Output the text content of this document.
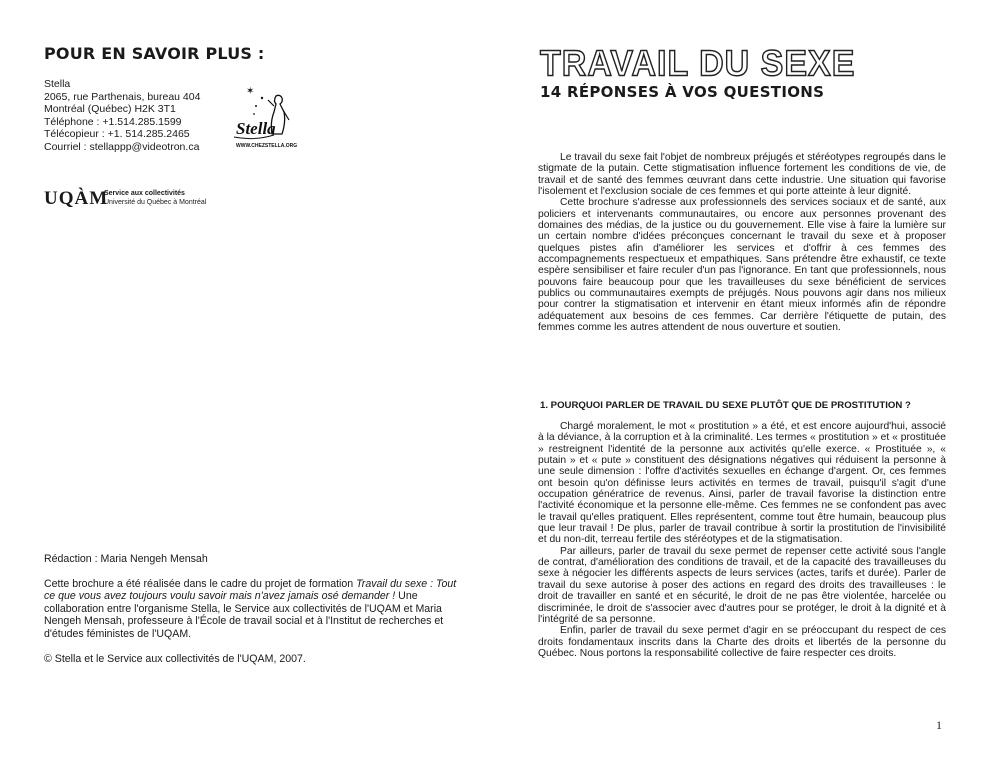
POUR EN SAVOIR PLUS :
Stella
2065, rue Parthenais, bureau 404
Montréal (Québec) H2K 3T1
Téléphone : +1.514.285.1599
Télécopieur : +1. 514.285.2465
Courriel : stellappp@videotron.ca
✶
Stella
WWW.CHEZSTELLA.ORG
UQÀM
Service aux collectivités
Université du Québec à Montréal

Rédaction : Maria Nengeh Mensah

Cette brochure a été réalisée dans le cadre du projet de formation Travail du sexe : Tout ce que vous avez toujours voulu savoir mais n'avez jamais osé demander ! Une collaboration entre l'organisme Stella, le Service aux collectivités de l'UQAM et Maria Nengeh Mensah, professeure à l'École de travail social et à l'Institut de recherches et d'études féministes de l'UQAM.

© Stella et le Service aux collectivités de l'UQAM, 2007.

TRAVAIL DU SEXE
14 RÉPONSES À VOS QUESTIONS

Le travail du sexe fait l'objet de nombreux préjugés et stéréotypes regroupés dans le stigmate de la putain. Cette stigmatisation influence fortement les conditions de vie, de travail et de santé des femmes œuvrant dans cette industrie. Une situation qui favorise l'isolement et l'exclusion sociale de ces femmes et qui porte atteinte à leur dignité.

Cette brochure s'adresse aux professionnels des services sociaux et de santé, aux policiers et intervenants communautaires, ou encore aux personnes provenant des domaines des médias, de la justice ou du gouvernement. Elle vise à faire la lumière sur un certain nombre d'idées préconçues concernant le travail du sexe et à proposer quelques pistes afin d'améliorer les services et d'offrir à ces femmes des accompagnements respectueux et empathiques. Sans prétendre être exhaustif, ce texte espère sensibiliser et faire reculer d'un pas l'ignorance. En tant que professionnels, nous pouvons faire beaucoup pour que les travailleuses du sexe bénéficient de services publics ou communautaires exempts de préjugés. Nous pouvons agir dans nos milieux pour contrer la stigmatisation et intervenir en étant mieux informés afin de répondre adéquatement aux besoins de ces femmes. Car derrière l'étiquette de putain, des femmes comme les autres attendent de nous ouverture et soutien.

1. POURQUOI PARLER DE TRAVAIL DU SEXE PLUTÔT QUE DE PROSTITUTION ?

Chargé moralement, le mot « prostitution » a été, et est encore aujourd'hui, associé à la déviance, à la corruption et à la criminalité. Les termes « prostitution » et « prostituée » restreignent l'identité de la personne aux activités qu'elle exerce. « Prostituée », « putain » et « pute » constituent des désignations négatives qui réduisent la personne à une seule dimension : l'offre d'activités sexuelles en échange d'argent. Or, ces femmes ont besoin qu'on définisse leurs activités en termes de travail, puisqu'il s'agit d'une occupation génératrice de revenus. Ainsi, parler de travail favorise la distinction entre l'activité économique et la personne elle-même. Ces femmes ne se confondent pas avec le travail qu'elles pratiquent. Elles représentent, comme tout être humain, beaucoup plus que leur travail ! De plus, parler de travail contribue à sortir la prostitution de l'invisibilité et du non-dit, terreau fertile des stéréotypes et de la stigmatisation.

Par ailleurs, parler de travail du sexe permet de repenser cette activité sous l'angle de contrat, d'amélioration des conditions de travail, et de la capacité des travailleuses du sexe à négocier les différents aspects de leurs services (actes, tarifs et durée). Parler de travail du sexe autorise à poser des actions en regard des droits des travailleuses : le droit de travailler en santé et en sécurité, le droit de ne pas être violentée, harcelée ou discriminée, le droit de s'associer avec d'autres pour se protéger, le droit à la dignité et à l'intégrité de sa personne.

Enfin, parler de travail du sexe permet d'agir en se préoccupant du respect de ces droits fondamentaux inscrits dans la Charte des droits et libertés de la personne du Québec. Nous portons la responsabilité collective de faire respecter ces droits.

1
